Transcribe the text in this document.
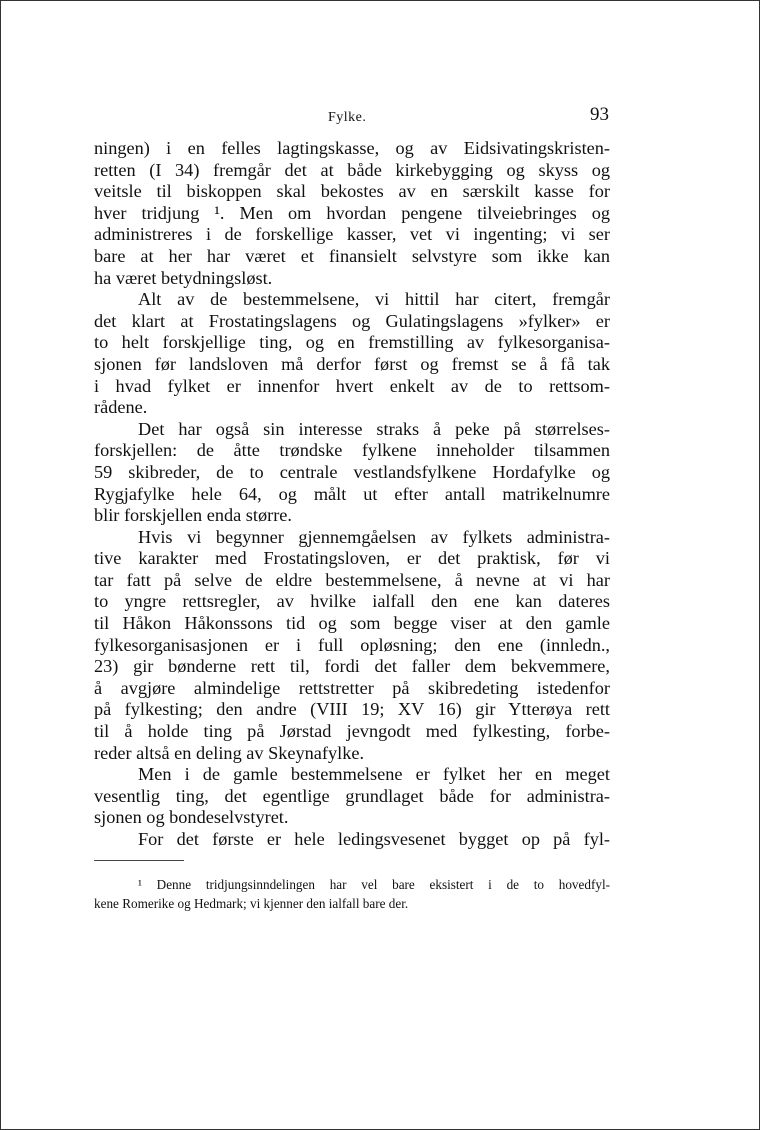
Fylke.	93
ningen) i en felles lagtingskasse, og av Eidsivatingskristen-
retten (I 34) fremgår det at både kirkebygging og skyss og
veitsle til biskoppen skal bekostes av en særskilt kasse for
hver tridjung ¹. Men om hvordan pengene tilveiebringes og
administreres i de forskellige kasser, vet vi ingenting; vi ser
bare at her har været et finansielt selvstyre som ikke kan
ha været betydningsløst.
Alt av de bestemmelsene, vi hittil har citert, fremgår
det klart at Frostatingslagens og Gulatingslagens »fylker» er
to helt forskjellige ting, og en fremstilling av fylkesorganisa-
sjonen før landsloven må derfor først og fremst se å få tak
i hvad fylket er innenfor hvert enkelt av de to rettsom-
rådene.
Det har også sin interesse straks å peke på størrelses-
forskjellen: de åtte trøndske fylkene inneholder tilsammen
59 skibreder, de to centrale vestlandsfylkene Hordafylke og
Rygjafylke hele 64, og målt ut efter antall matrikelnumre
blir forskjellen enda større.
Hvis vi begynner gjennemgåelsen av fylkets administra-
tive karakter med Frostatingsloven, er det praktisk, før vi
tar fatt på selve de eldre bestemmelsene, å nevne at vi har
to yngre rettsregler, av hvilke ialfall den ene kan dateres
til Håkon Håkonssons tid og som begge viser at den gamle
fylkesorganisasjonen er i full opløsning; den ene (innledn.,
23) gir bønderne rett til, fordi det faller dem bekvemmere,
å avgjøre almindelige rettstretter på skibredeting istedenfor
på fylkesting; den andre (VIII 19; XV 16) gir Ytterøya rett
til å holde ting på Jørstad jevngodt med fylkesting, forbe-
reder altså en deling av Skeynafylke.
Men i de gamle bestemmelsene er fylket her en meget
vesentlig ting, det egentlige grundlaget både for administra-
sjonen og bondeselvstyret.
For det første er hele ledingsvesenet bygget op på fyl-
¹ Denne tridjungsinndelingen har vel bare eksistert i de to hovedfyl-
kene Romerike og Hedmark; vi kjenner den ialfall bare der.
